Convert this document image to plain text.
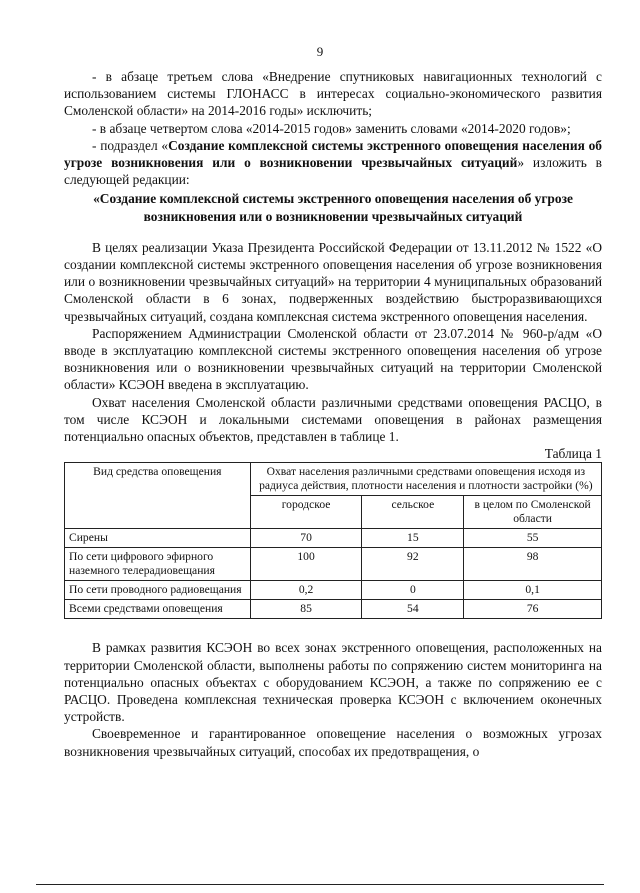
9

- в абзаце третьем слова «Внедрение спутниковых навигационных технологий с использованием системы ГЛОНАСС в интересах социально-экономического развития Смоленской области» на 2014-2016 годы» исключить;

- в абзаце четвертом слова «2014-2015 годов» заменить словами «2014-2020 годов»;

- подраздел «Создание комплексной системы экстренного оповещения населения об угрозе возникновения или о возникновении чрезвычайных ситуаций» изложить в следующей редакции:

«Создание комплексной системы экстренного оповещения населения об угрозе возникновения или о возникновении чрезвычайных ситуаций

В целях реализации Указа Президента Российской Федерации от 13.11.2012 № 1522 «О создании комплексной системы экстренного оповещения населения об угрозе возникновения или о возникновении чрезвычайных ситуаций» на территории 4 муниципальных образований Смоленской области в 6 зонах, подверженных воздействию быстроразвивающихся чрезвычайных ситуаций, создана комплексная система экстренного оповещения населения.

Распоряжением Администрации Смоленской области от 23.07.2014 № 960-р/адм «О вводе в эксплуатацию комплексной системы экстренного оповещения населения об угрозе возникновения или о возникновении чрезвычайных ситуаций на территории Смоленской области» КСЭОН введена в эксплуатацию.

Охват населения Смоленской области различными средствами оповещения РАСЦО, в том числе КСЭОН и локальными системами оповещения в районах размещения потенциально опасных объектов, представлен в таблице 1.

Таблица 1
Вид средства оповещения	Охват населения различными средствами оповещения исходя из радиуса действия, плотности населения и плотности застройки (%)		
	городское	сельское	в целом по Смоленской области
Сирены	70	15	55
По сети цифрового эфирного наземного телерадиовещания	100	92	98
По сети проводного радиовещания	0,2	0	0,1
Всеми средствами оповещения	85	54	76

В рамках развития КСЭОН во всех зонах экстренного оповещения, расположенных на территории Смоленской области, выполнены работы по сопряжению систем мониторинга на потенциально опасных объектах с оборудованием КСЭОН, а также по сопряжению ее с РАСЦО. Проведена комплексная техническая проверка КСЭОН с включением оконечных устройств.

Своевременное и гарантированное оповещение населения о возможных угрозах возникновения чрезвычайных ситуаций, способах их предотвращения, о
